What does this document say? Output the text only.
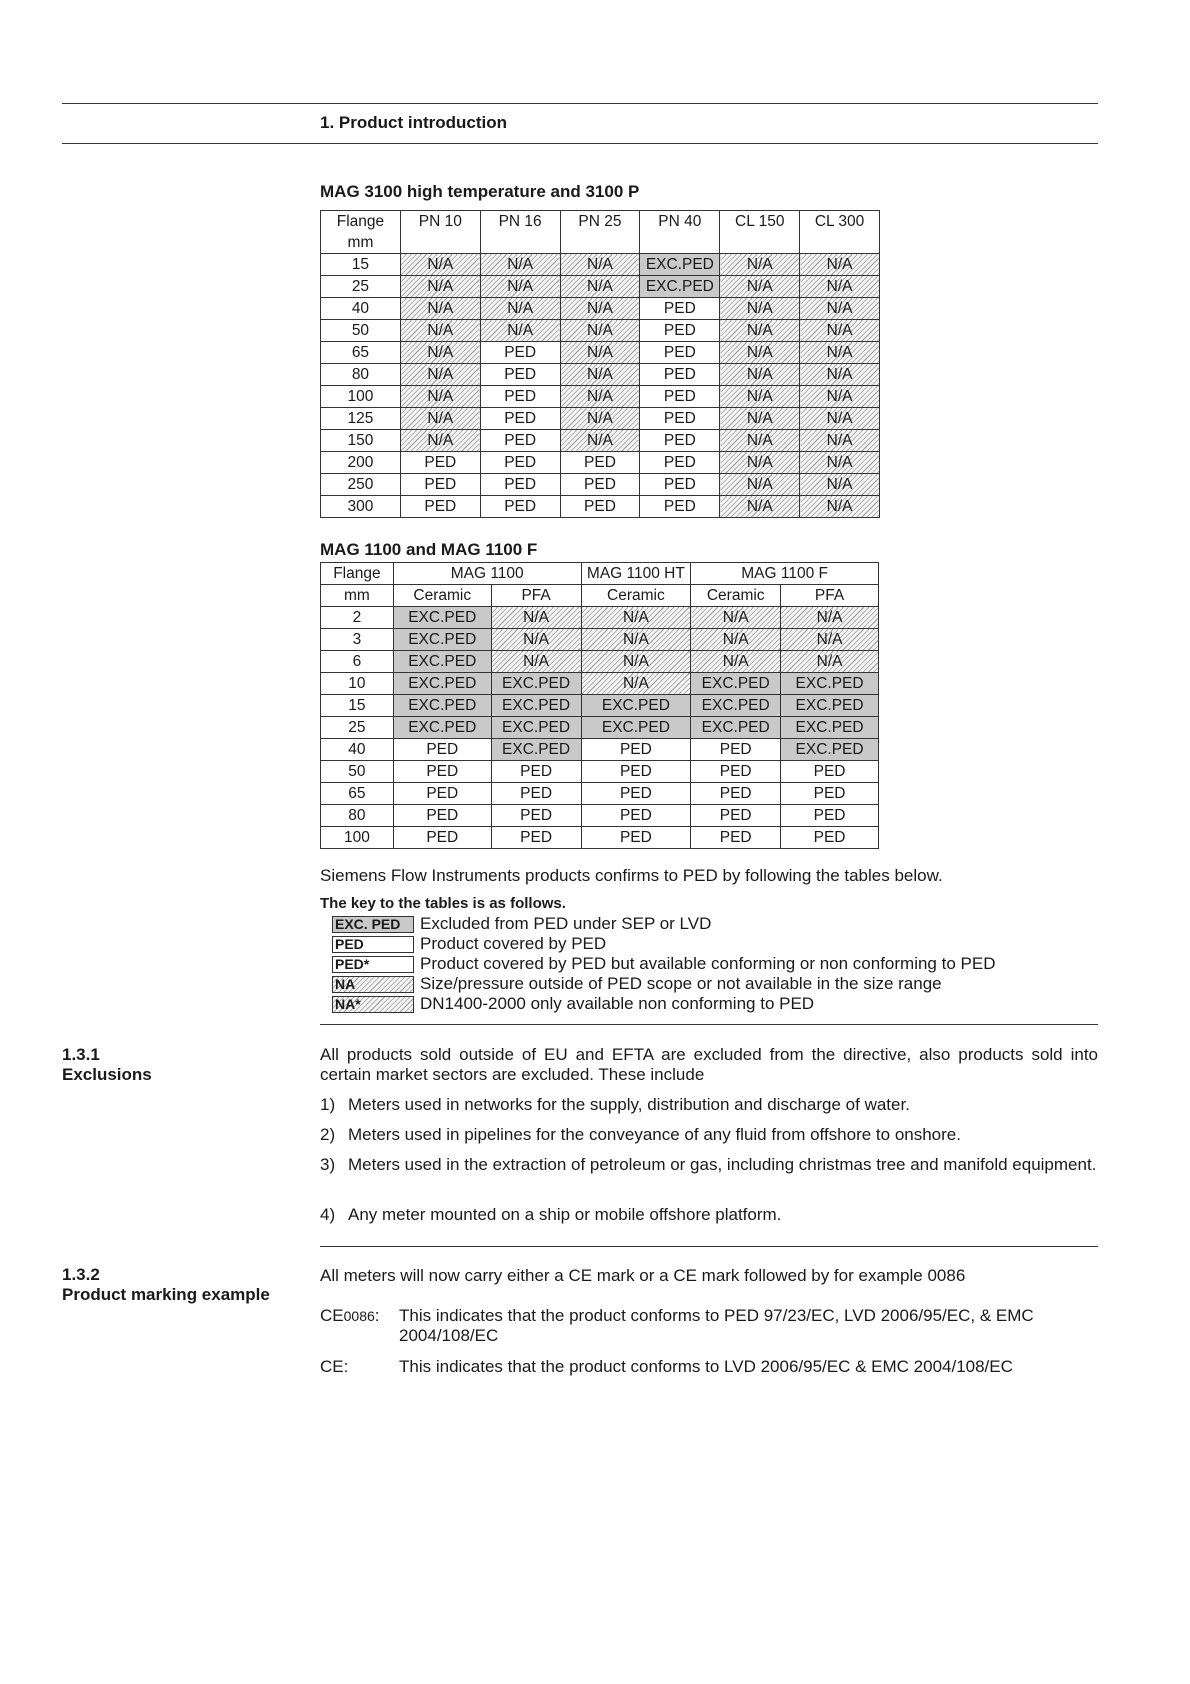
1. Product introduction
MAG 3100 high temperature and 3100 P
Flange
mm	PN 10	PN 16	PN 25	PN 40	CL 150	CL 300

15	N/A	N/A	N/A	EXC.PED	N/A	N/A
25	N/A	N/A	N/A	EXC.PED	N/A	N/A
40	N/A	N/A	N/A	PED	N/A	N/A
50	N/A	N/A	N/A	PED	N/A	N/A
65	N/A	PED	N/A	PED	N/A	N/A
80	N/A	PED	N/A	PED	N/A	N/A
100	N/A	PED	N/A	PED	N/A	N/A
125	N/A	PED	N/A	PED	N/A	N/A
150	N/A	PED	N/A	PED	N/A	N/A
200	PED	PED	PED	PED	N/A	N/A
250	PED	PED	PED	PED	N/A	N/A
300	PED	PED	PED	PED	N/A	N/A
MAG 1100 and MAG 1100 F
Flange	MAG 1100		MAG 1100 HT	MAG 1100 F	
mm	Ceramic	PFA	Ceramic	Ceramic	PFA
2	EXC.PED	N/A	N/A	N/A	N/A
3	EXC.PED	N/A	N/A	N/A	N/A
6	EXC.PED	N/A	N/A	N/A	N/A
10	EXC.PED	EXC.PED	N/A	EXC.PED	EXC.PED
15	EXC.PED	EXC.PED	EXC.PED	EXC.PED	EXC.PED
25	EXC.PED	EXC.PED	EXC.PED	EXC.PED	EXC.PED
40	PED	EXC.PED	PED	PED	EXC.PED
50	PED	PED	PED	PED	PED
65	PED	PED	PED	PED	PED
80	PED	PED	PED	PED	PED
100	PED	PED	PED	PED	PED
Siemens Flow Instruments products confirms to PED by following the tables below.
The key to the tables is as follows.
EXC. PED	Excluded from PED under SEP or LVD
PED	Product covered by PED
PED*	Product covered by PED but available conforming or non conforming to PED
NA	Size/pressure outside of PED scope or not available in the size range
NA*	DN1400-2000 only available non conforming to PED
1.3.1
Exclusions
All products sold outside of EU and EFTA are excluded from the directive, also products sold into certain market sectors are excluded. These include
1) Meters used in networks for the supply, distribution and discharge of water.
2) Meters used in pipelines for the conveyance of any fluid from offshore to onshore.
3) Meters used in the extraction of petroleum or gas, including christmas tree and manifold equipment.
4) Any meter mounted on a ship or mobile offshore platform.
1.3.2
Product marking example
All meters will now carry either a CE mark or a CE mark followed by for example 0086
CE0086:	This indicates that the product conforms to PED 97/23/EC, LVD 2006/95/EC, & EMC 2004/108/EC
CE:	This indicates that the product conforms to LVD 2006/95/EC & EMC 2004/108/EC
